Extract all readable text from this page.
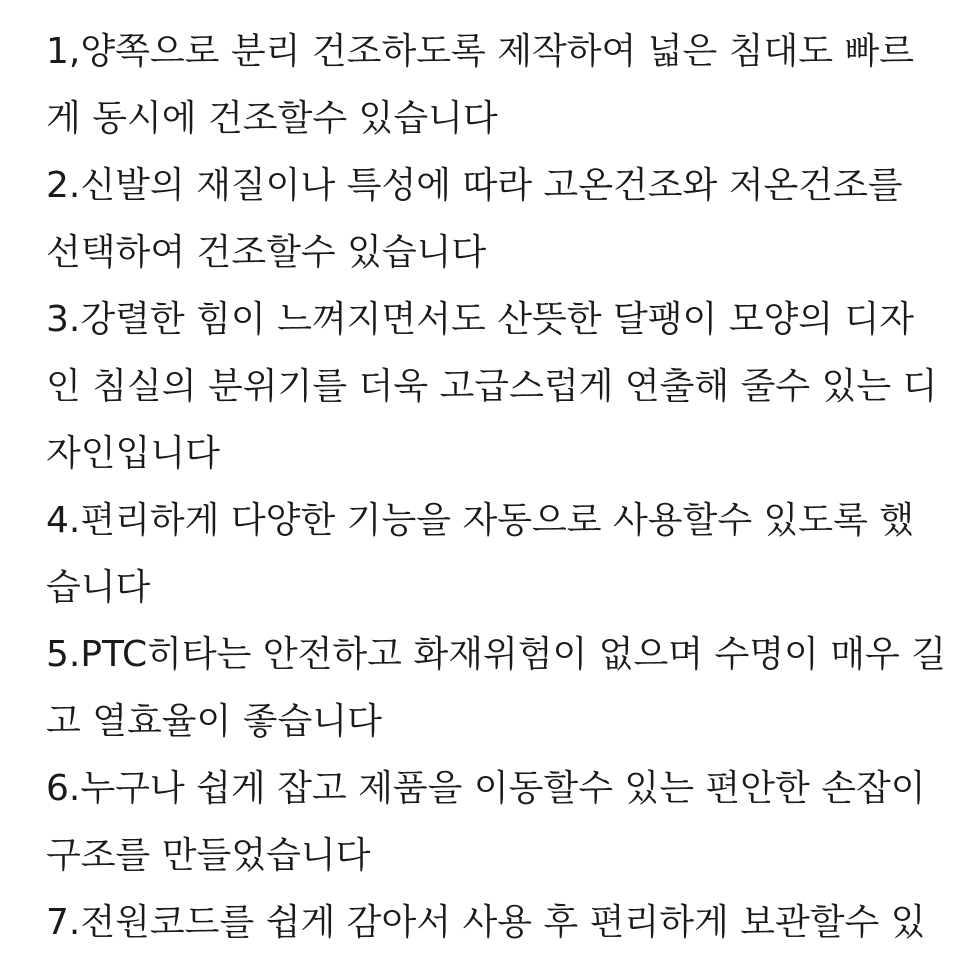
1,양쪽으로 분리 건조하도록 제작하여 넓은 침대도 빠르

게 동시에 건조할수 있습니다

2.신발의 재질이나 특성에 따라 고온건조와 저온건조를

선택하여 건조할수 있습니다

3.강렬한 힘이 느껴지면서도 산뜻한 달팽이 모양의 디자

인 침실의 분위기를 더욱 고급스럽게 연출해 줄수 있는 디

자인입니다

4.편리하게 다양한 기능을 자동으로 사용할수 있도록 했

습니다

5.PTC히타는 안전하고 화재위험이 없으며 수명이 매우 길

고 열효율이 좋습니다

6.누구나 쉽게 잡고 제품을 이동할수 있는 편안한 손잡이

구조를 만들었습니다

7.전원코드를 쉽게 감아서 사용 후 편리하게 보관할수 있
